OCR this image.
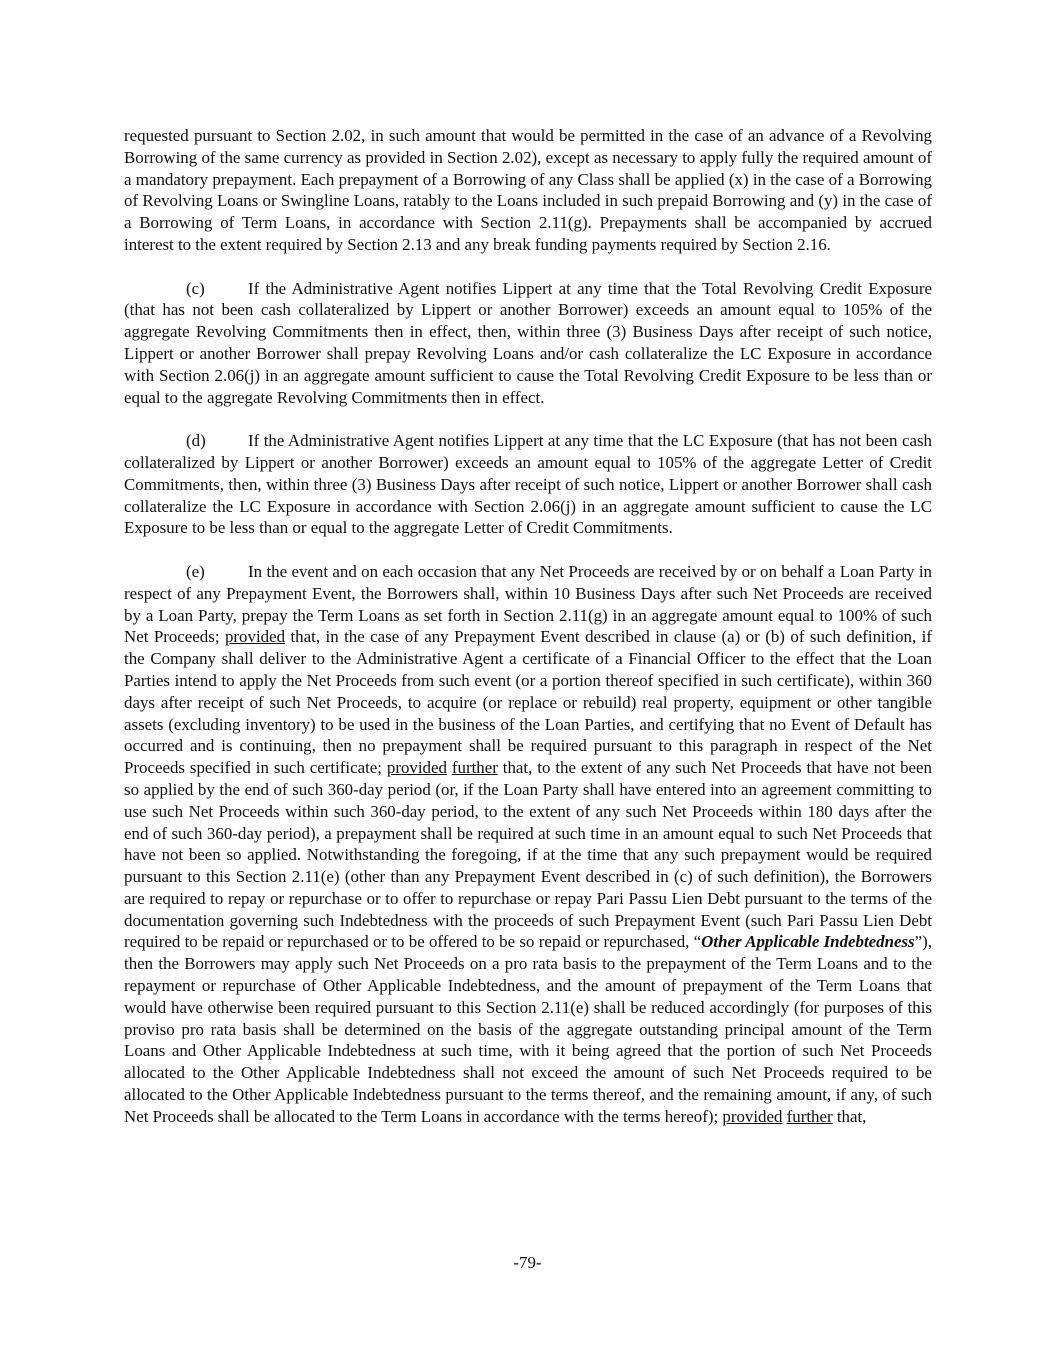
requested pursuant to Section 2.02, in such amount that would be permitted in the case of an advance of a Revolving Borrowing of the same currency as provided in Section 2.02), except as necessary to apply fully the required amount of a mandatory prepayment. Each prepayment of a Borrowing of any Class shall be applied (x) in the case of a Borrowing of Revolving Loans or Swingline Loans, ratably to the Loans included in such prepaid Borrowing and (y) in the case of a Borrowing of Term Loans, in accordance with Section 2.11(g). Prepayments shall be accompanied by accrued interest to the extent required by Section 2.13 and any break funding payments required by Section 2.16.

(c)	If the Administrative Agent notifies Lippert at any time that the Total Revolving Credit Exposure (that has not been cash collateralized by Lippert or another Borrower) exceeds an amount equal to 105% of the aggregate Revolving Commitments then in effect, then, within three (3) Business Days after receipt of such notice, Lippert or another Borrower shall prepay Revolving Loans and/or cash collateralize the LC Exposure in accordance with Section 2.06(j) in an aggregate amount sufficient to cause the Total Revolving Credit Exposure to be less than or equal to the aggregate Revolving Commitments then in effect.

(d)	If the Administrative Agent notifies Lippert at any time that the LC Exposure (that has not been cash collateralized by Lippert or another Borrower) exceeds an amount equal to 105% of the aggregate Letter of Credit Commitments, then, within three (3) Business Days after receipt of such notice, Lippert or another Borrower shall cash collateralize the LC Exposure in accordance with Section 2.06(j) in an aggregate amount sufficient to cause the LC Exposure to be less than or equal to the aggregate Letter of Credit Commitments.

(e)	In the event and on each occasion that any Net Proceeds are received by or on behalf a Loan Party in respect of any Prepayment Event, the Borrowers shall, within 10 Business Days after such Net Proceeds are received by a Loan Party, prepay the Term Loans as set forth in Section 2.11(g) in an aggregate amount equal to 100% of such Net Proceeds; provided that, in the case of any Prepayment Event described in clause (a) or (b) of such definition, if the Company shall deliver to the Administrative Agent a certificate of a Financial Officer to the effect that the Loan Parties intend to apply the Net Proceeds from such event (or a portion thereof specified in such certificate), within 360 days after receipt of such Net Proceeds, to acquire (or replace or rebuild) real property, equipment or other tangible assets (excluding inventory) to be used in the business of the Loan Parties, and certifying that no Event of Default has occurred and is continuing, then no prepayment shall be required pursuant to this paragraph in respect of the Net Proceeds specified in such certificate; provided further that, to the extent of any such Net Proceeds that have not been so applied by the end of such 360-day period (or, if the Loan Party shall have entered into an agreement committing to use such Net Proceeds within such 360-day period, to the extent of any such Net Proceeds within 180 days after the end of such 360-day period), a prepayment shall be required at such time in an amount equal to such Net Proceeds that have not been so applied. Notwithstanding the foregoing, if at the time that any such prepayment would be required pursuant to this Section 2.11(e) (other than any Prepayment Event described in (c) of such definition), the Borrowers are required to repay or repurchase or to offer to repurchase or repay Pari Passu Lien Debt pursuant to the terms of the documentation governing such Indebtedness with the proceeds of such Prepayment Event (such Pari Passu Lien Debt required to be repaid or repurchased or to be offered to be so repaid or repurchased, “Other Applicable Indebtedness”), then the Borrowers may apply such Net Proceeds on a pro rata basis to the prepayment of the Term Loans and to the repayment or repurchase of Other Applicable Indebtedness, and the amount of prepayment of the Term Loans that would have otherwise been required pursuant to this Section 2.11(e) shall be reduced accordingly (for purposes of this proviso pro rata basis shall be determined on the basis of the aggregate outstanding principal amount of the Term Loans and Other Applicable Indebtedness at such time, with it being agreed that the portion of such Net Proceeds allocated to the Other Applicable Indebtedness shall not exceed the amount of such Net Proceeds required to be allocated to the Other Applicable Indebtedness pursuant to the terms thereof, and the remaining amount, if any, of such Net Proceeds shall be allocated to the Term Loans in accordance with the terms hereof); provided further that,

-79-
